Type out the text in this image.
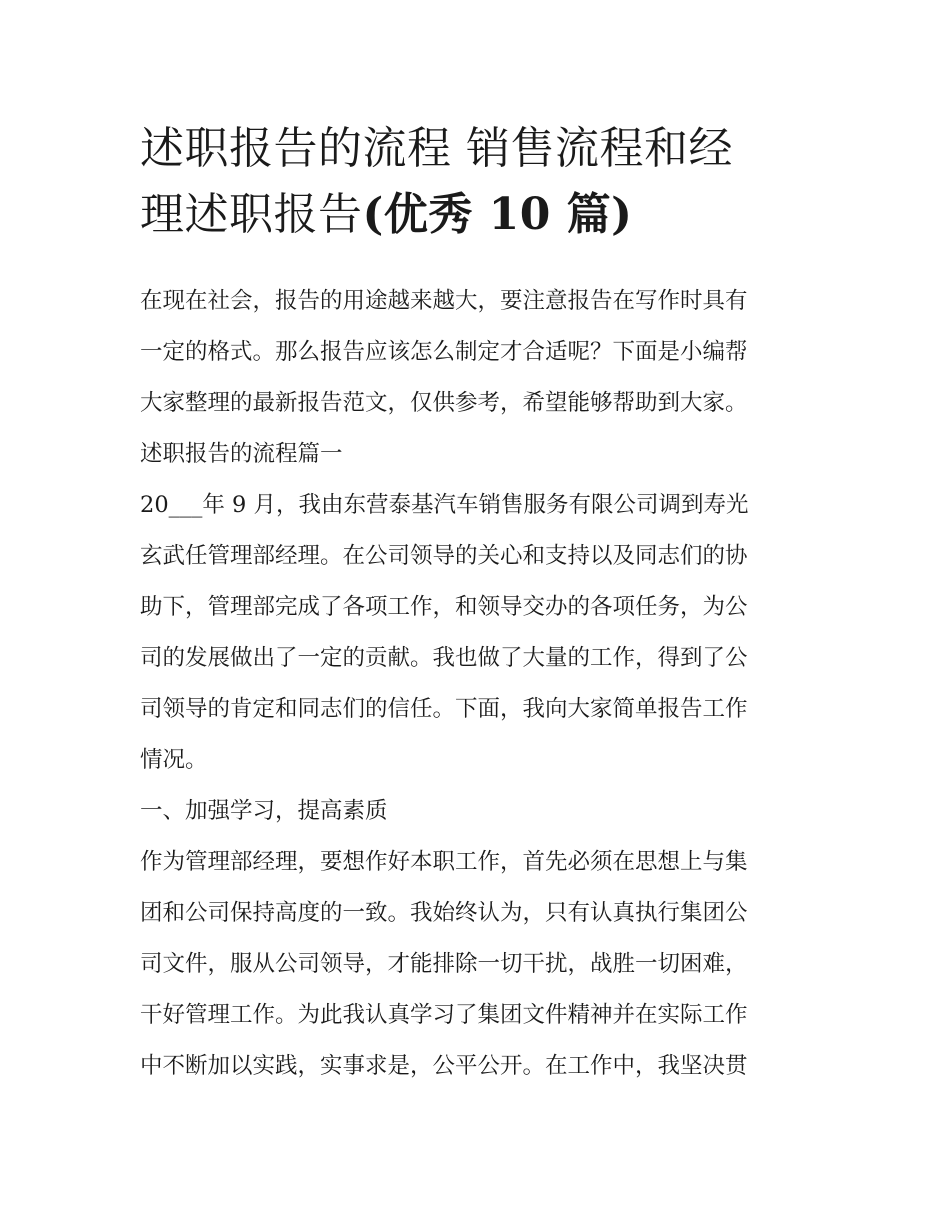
述职报告的流程 销售流程和经
理述职报告(优秀 10 篇)
在现在社会，报告的用途越来越大，要注意报告在写作时具有
一定的格式。那么报告应该怎么制定才合适呢？下面是小编帮
大家整理的最新报告范文，仅供参考，希望能够帮助到大家。
述职报告的流程篇一
20___年 9 月，我由东营泰基汽车销售服务有限公司调到寿光
玄武任管理部经理。在公司领导的关心和支持以及同志们的协
助下，管理部完成了各项工作，和领导交办的各项任务，为公
司的发展做出了一定的贡献。我也做了大量的工作，得到了公
司领导的肯定和同志们的信任。下面，我向大家简单报告工作
情况。
一、加强学习，提高素质
作为管理部经理，要想作好本职工作，首先必须在思想上与集
团和公司保持高度的一致。我始终认为，只有认真执行集团公
司文件，服从公司领导，才能排除一切干扰，战胜一切困难，
干好管理工作。为此我认真学习了集团文件精神并在实际工作
中不断加以实践，实事求是，公平公开。在工作中，我坚决贯
